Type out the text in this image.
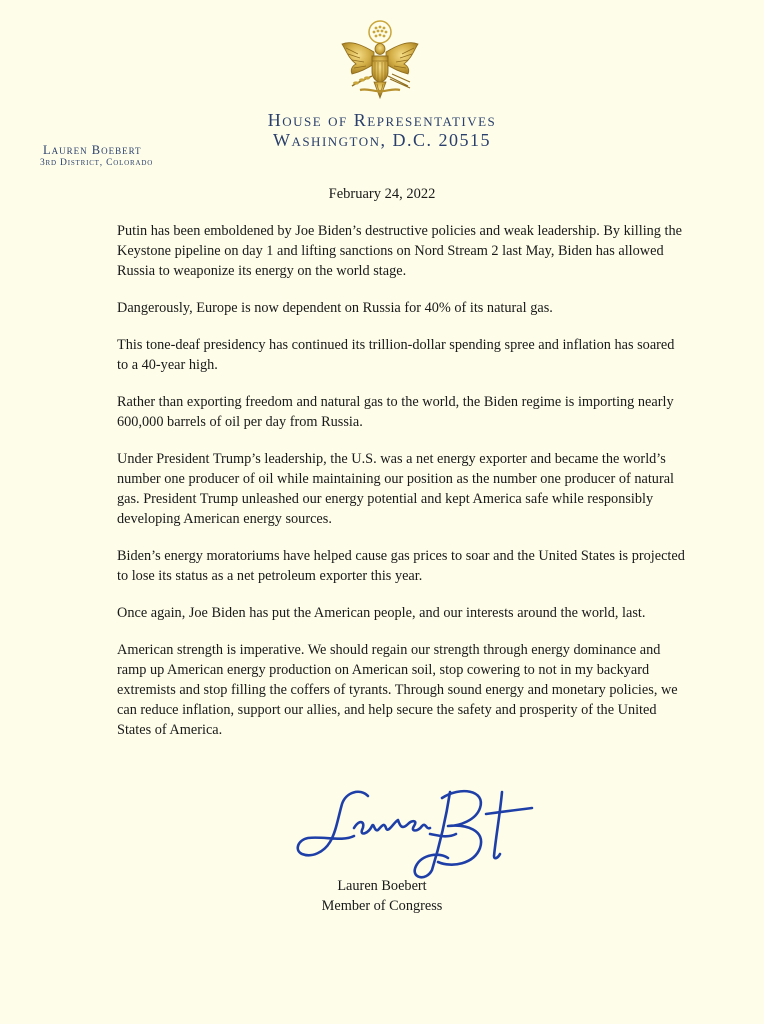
House of Representatives
Washington, D.C. 20515
Lauren Boebert
3rd District, Colorado
February 24, 2022

Putin has been emboldened by Joe Biden’s destructive policies and weak leadership. By killing the Keystone pipeline on day 1 and lifting sanctions on Nord Stream 2 last May, Biden has allowed Russia to weaponize its energy on the world stage.

Dangerously, Europe is now dependent on Russia for 40% of its natural gas.

This tone-deaf presidency has continued its trillion-dollar spending spree and inflation has soared to a 40-year high.

Rather than exporting freedom and natural gas to the world, the Biden regime is importing nearly 600,000 barrels of oil per day from Russia.

Under President Trump’s leadership, the U.S. was a net energy exporter and became the world’s number one producer of oil while maintaining our position as the number one producer of natural gas. President Trump unleashed our energy potential and kept America safe while responsibly developing American energy sources.

Biden’s energy moratoriums have helped cause gas prices to soar and the United States is projected to lose its status as a net petroleum exporter this year.

Once again, Joe Biden has put the American people, and our interests around the world, last.

American strength is imperative. We should regain our strength through energy dominance and ramp up American energy production on American soil, stop cowering to not in my backyard extremists and stop filling the coffers of tyrants. Through sound energy and monetary policies, we can reduce inflation, support our allies, and help secure the safety and prosperity of the United States of America.

Lauren Boebert
Member of Congress
